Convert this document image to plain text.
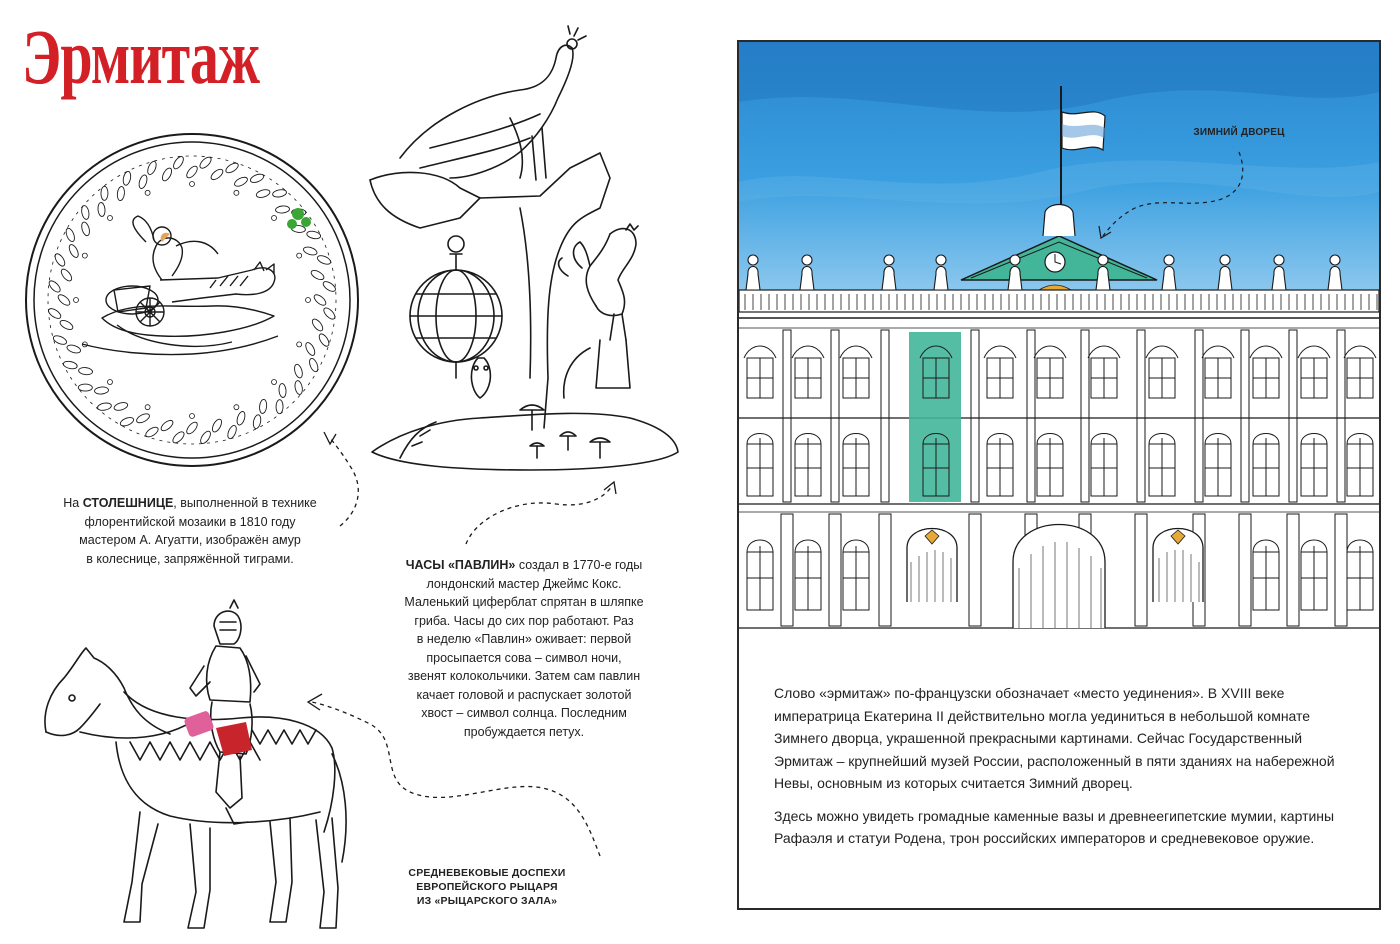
Эрмитаж
На СТОЛЕШНИЦЕ, выполненной в технике
флорентийской мозаики в 1810 году
мастером А. Агуатти, изображён амур
в колеснице, запряжённой тиграми.	ЧАСЫ «ПАВЛИН» создал в 1770-е годы
лондонский мастер Джеймс Кокс.
Маленький циферблат спрятан в шляпке
гриба. Часы до сих пор работают. Раз
в неделю «Павлин» оживает: первой
просыпается сова – символ ночи,
звенят колокольчики. Затем сам павлин
качает головой и распускает золотой
хвост – символ солнца. Последним
пробуждается петух.
СРЕДНЕВЕКОВЫЕ ДОСПЕХИ
ЕВРОПЕЙСКОГО РЫЦАРЯ
ИЗ «РЫЦАРСКОГО ЗАЛА»
ЗИМНИЙ ДВОРЕЦ

Слово «эрмитаж» по-французски обозначает «место уединения». В XVIII веке императрица Екатерина II действительно могла уединиться в небольшой комнате Зимнего дворца, украшенной прекрасными картинами. Сейчас Государственный Эрмитаж – крупнейший музей России, расположенный в пяти зданиях на набережной Невы, основным из которых считается Зимний дворец.

Здесь можно увидеть громадные каменные вазы и древнеегипетские мумии, картины Рафаэля и статуи Родена, трон российских императоров и средневековое оружие.
